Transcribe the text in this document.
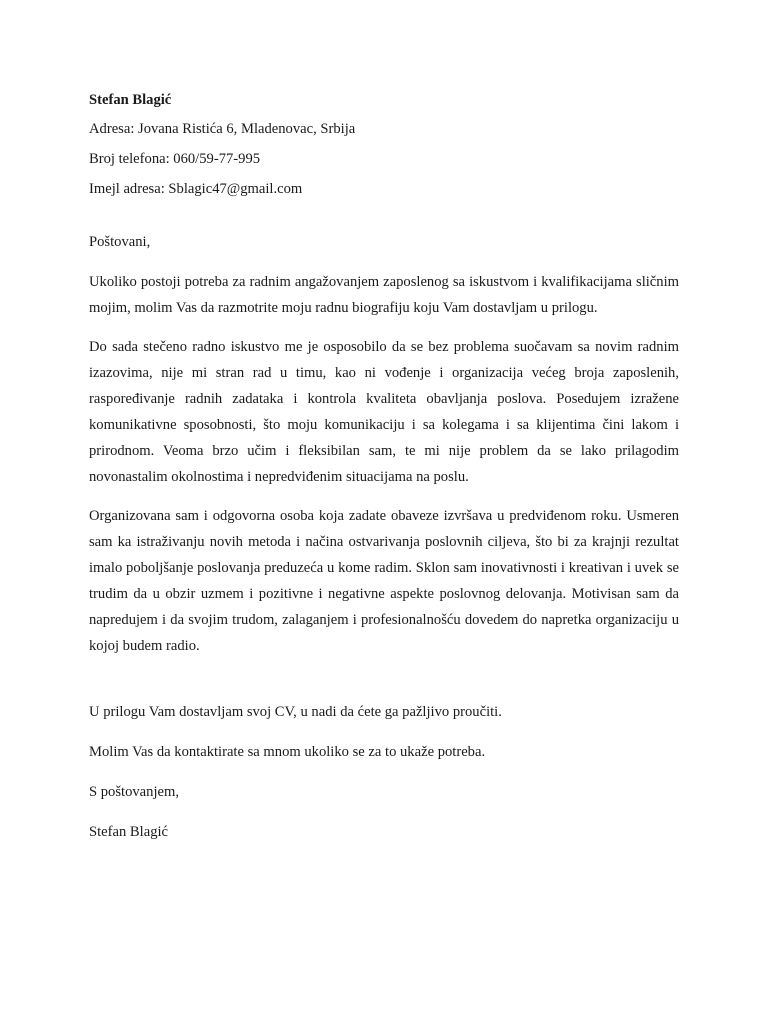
Stefan Blagić
Adresa: Jovana Ristića 6, Mladenovac, Srbija
Broj telefona: 060/59-77-995
Imejl adresa: Sblagic47@gmail.com
Poštovani,

Ukoliko postoji potreba za radnim angažovanjem zaposlenog sa iskustvom i kvalifikacijama sličnim mojim, molim Vas da razmotrite moju radnu biografiju koju Vam dostavljam u prilogu.

Do sada stečeno radno iskustvo me je osposobilo da se bez problema suočavam sa novim radnim izazovima, nije mi stran rad u timu, kao ni vođenje i organizacija većeg broja zaposlenih, raspoređivanje radnih zadataka i kontrola kvaliteta obavljanja poslova. Posedujem izražene komunikativne sposobnosti, što moju komunikaciju i sa kolegama i sa klijentima čini lakom i prirodnom. Veoma brzo učim i fleksibilan sam, te mi nije problem da se lako prilagodim novonastalim okolnostima i nepredviđenim situacijama na poslu.

Organizovana sam i odgovorna osoba koja zadate obaveze izvršava u predviđenom roku. Usmeren sam ka istraživanju novih metoda i načina ostvarivanja poslovnih ciljeva, što bi za krajnji rezultat imalo poboljšanje poslovanja preduzeća u kome radim. Sklon sam inovativnosti i kreativan i uvek se trudim da u obzir uzmem i pozitivne i negativne aspekte poslovnog delovanja. Motivisan sam da napredujem i da svojim trudom, zalaganjem i profesionalnošću dovedem do napretka organizaciju u kojoj budem radio.

U prilogu Vam dostavljam svoj CV, u nadi da ćete ga pažljivo proučiti.
Molim Vas da kontaktirate sa mnom ukoliko se za to ukaže potreba.
S poštovanjem,
Stefan Blagić
